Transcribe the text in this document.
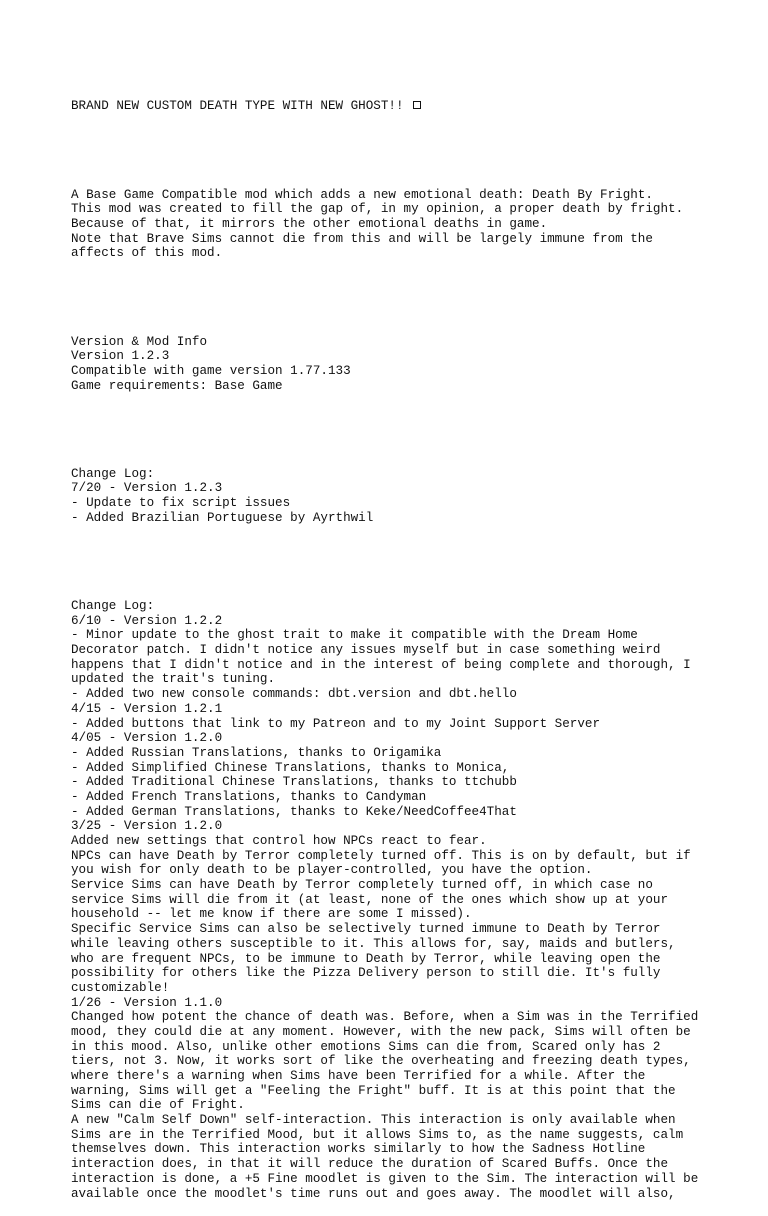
BRAND NEW CUSTOM DEATH TYPE WITH NEW GHOST!!

A Base Game Compatible mod which adds a new emotional death: Death By Fright.
This mod was created to fill the gap of, in my opinion, a proper death by fright.
Because of that, it mirrors the other emotional deaths in game.
Note that Brave Sims cannot die from this and will be largely immune from the
affects of this mod.

Version & Mod Info
Version 1.2.3
Compatible with game version 1.77.133
Game requirements: Base Game

Change Log:
7/20 - Version 1.2.3
- Update to fix script issues
- Added Brazilian Portuguese by Ayrthwil

Change Log:
6/10 - Version 1.2.2
- Minor update to the ghost trait to make it compatible with the Dream Home
Decorator patch. I didn't notice any issues myself but in case something weird
happens that I didn't notice and in the interest of being complete and thorough, I
updated the trait's tuning.
- Added two new console commands: dbt.version and dbt.hello
4/15 - Version 1.2.1
- Added buttons that link to my Patreon and to my Joint Support Server
4/05 - Version 1.2.0
- Added Russian Translations, thanks to Origamika
- Added Simplified Chinese Translations, thanks to Monica,
- Added Traditional Chinese Translations, thanks to ttchubb
- Added French Translations, thanks to Candyman
- Added German Translations, thanks to Keke/NeedCoffee4That
3/25 - Version 1.2.0
Added new settings that control how NPCs react to fear.
NPCs can have Death by Terror completely turned off. This is on by default, but if
you wish for only death to be player-controlled, you have the option.
Service Sims can have Death by Terror completely turned off, in which case no
service Sims will die from it (at least, none of the ones which show up at your
household -- let me know if there are some I missed).
Specific Service Sims can also be selectively turned immune to Death by Terror
while leaving others susceptible to it. This allows for, say, maids and butlers,
who are frequent NPCs, to be immune to Death by Terror, while leaving open the
possibility for others like the Pizza Delivery person to still die. It's fully
customizable!
1/26 - Version 1.1.0
Changed how potent the chance of death was. Before, when a Sim was in the Terrified
mood, they could die at any moment. However, with the new pack, Sims will often be
in this mood. Also, unlike other emotions Sims can die from, Scared only has 2
tiers, not 3. Now, it works sort of like the overheating and freezing death types,
where there's a warning when Sims have been Terrified for a while. After the
warning, Sims will get a "Feeling the Fright" buff. It is at this point that the
Sims can die of Fright.
A new "Calm Self Down" self-interaction. This interaction is only available when
Sims are in the Terrified Mood, but it allows Sims to, as the name suggests, calm
themselves down. This interaction works similarly to how the Sadness Hotline
interaction does, in that it will reduce the duration of Scared Buffs. Once the
interaction is done, a +5 Fine moodlet is given to the Sim. The interaction will be
available once the moodlet's time runs out and goes away. The moodlet will also,
